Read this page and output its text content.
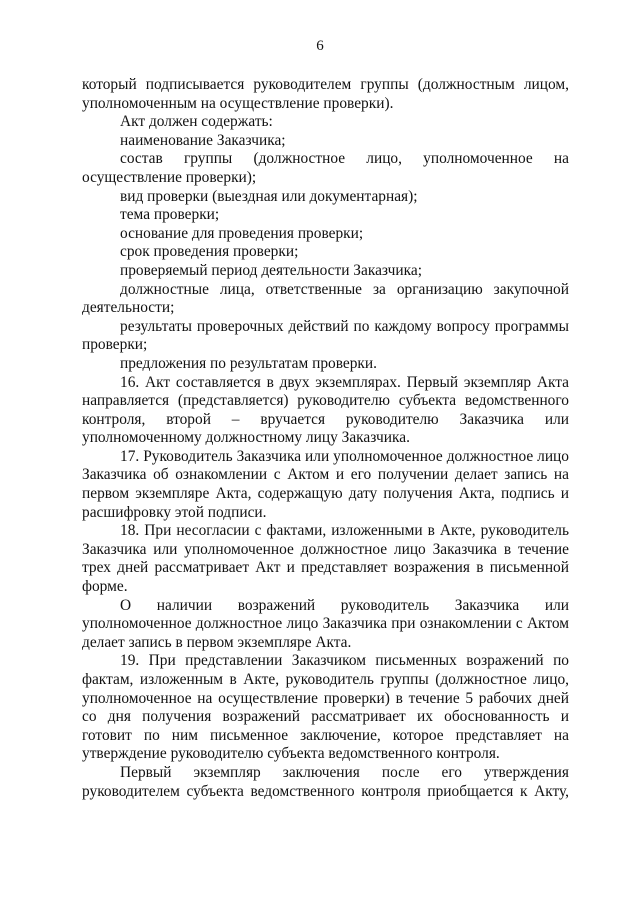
6

который подписывается руководителем группы (должностным лицом, уполномоченным на осуществление проверки).

Акт должен содержать:

наименование Заказчика;

состав группы (должностное лицо, уполномоченное на осуществление проверки);

вид проверки (выездная или документарная);

тема проверки;

основание для проведения проверки;

срок проведения проверки;

проверяемый период деятельности Заказчика;

должностные лица, ответственные за организацию закупочной деятельности;

результаты проверочных действий по каждому вопросу программы проверки;

предложения по результатам проверки.

16. Акт составляется в двух экземплярах. Первый экземпляр Акта направляется (представляется) руководителю субъекта ведомственного контроля, второй – вручается руководителю Заказчика или уполномоченному должностному лицу Заказчика.

17. Руководитель Заказчика или уполномоченное должностное лицо Заказчика об ознакомлении с Актом и его получении делает запись на первом экземпляре Акта, содержащую дату получения Акта, подпись и расшифровку этой подписи.

18. При несогласии с фактами, изложенными в Акте, руководитель Заказчика или уполномоченное должностное лицо Заказчика в течение трех дней рассматривает Акт и представляет возражения в письменной форме.

О наличии возражений руководитель Заказчика или уполномоченное должностное лицо Заказчика при ознакомлении с Актом делает запись в первом экземпляре Акта.

19. При представлении Заказчиком письменных возражений по фактам, изложенным в Акте, руководитель группы (должностное лицо, уполномоченное на осуществление проверки) в течение 5 рабочих дней со дня получения возражений рассматривает их обоснованность и готовит по ним письменное заключение, которое представляет на утверждение руководителю субъекта ведомственного контроля.

Первый экземпляр заключения после его утверждения руководителем субъекта ведомственного контроля приобщается к Акту,
